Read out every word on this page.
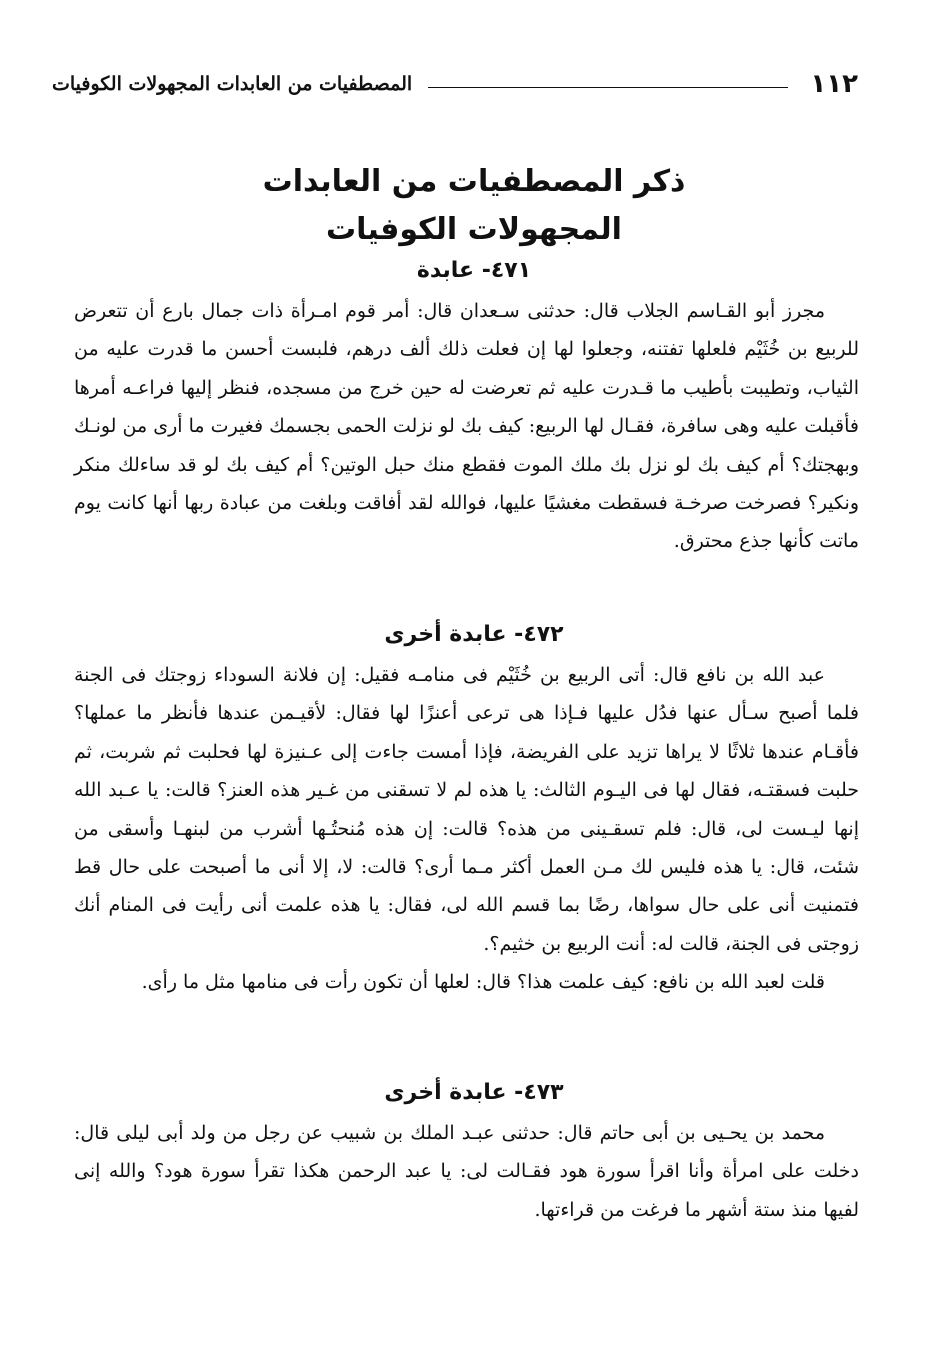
١١٢
المصطفيات من العابدات المجهولات الكوفيات
ذكر المصطفيات من العابدات
المجهولات الكوفيات
٤٧١- عابدة

مجرز أبو القـاسم الجلاب قال: حدثنى سـعدان قال: أمر قوم امـرأة ذات جمال بارع أن تتعرض للربيع بن خُثَيْم فلعلها تفتنه، وجعلوا لها إن فعلت ذلك ألف درهم، فلبست أحسن ما قدرت عليه من الثياب، وتطيبت بأطيب ما قـدرت عليه ثم تعرضت له حين خرج من مسجده، فنظر إليها فراعـه أمرها فأقبلت عليه وهى سافرة، فقـال لها الربيع: كيف بك لو نزلت الحمى بجسمك فغيرت ما أرى من لونـك وبهجتك؟ أم كيف بك لو نزل بك ملك الموت فقطع منك حبل الوتين؟ أم كيف بك لو قد ساءلك منكر ونكير؟ فصرخت صرخـة فسقطت مغشيًا عليها، فوالله لقد أفاقت وبلغت من عبادة ربها أنها كانت يوم ماتت كأنها جذع محترق.

٤٧٢- عابدة أخرى

عبد الله بن نافع قال: أتى الربيع بن خُثَيْم فى منامـه فقيل: إن فلانة السوداء زوجتك فى الجنة فلما أصبح سـأل عنها فدُل عليها فـإذا هى ترعى أعنزًا لها فقال: لأقيـمن عندها فأنظر ما عملها؟ فأقـام عندها ثلاثًا لا يراها تزيد على الفريضة، فإذا أمست جاءت إلى عـنيزة لها فحلبت ثم شربت، ثم حلبت فسقتـه، فقال لها فى اليـوم الثالث: يا هذه لم لا تسقنى من غـير هذه العنز؟ قالت: يا عـبد الله إنها ليـست لى، قال: فلم تسقـينى من هذه؟ قالت: إن هذه مُنحتُـها أشرب من لبنهـا وأسقى من شئت، قال: يا هذه فليس لك مـن العمل أكثر مـما أرى؟ قالت: لا، إلا أنى ما أصبحت على حال قط فتمنيت أنى على حال سواها، رضًا بما قسم الله لى، فقال: يا هذه علمت أنى رأيت فى المنام أنك زوجتى فى الجنة، قالت له: أنت الربيع بن خثيم؟.

قلت لعبد الله بن نافع: كيف علمت هذا؟ قال: لعلها أن تكون رأت فى منامها مثل ما رأى.

٤٧٣- عابدة أخرى

محمد بن يحـيى بن أبى حاتم قال: حدثنى عبـد الملك بن شبيب عن رجل من ولد أبى ليلى قال: دخلت على امرأة وأنا اقرأ سورة هود فقـالت لى: يا عبد الرحمن هكذا تقرأ سورة هود؟ والله إنى لفيها منذ ستة أشهر ما فرغت من قراءتها.
